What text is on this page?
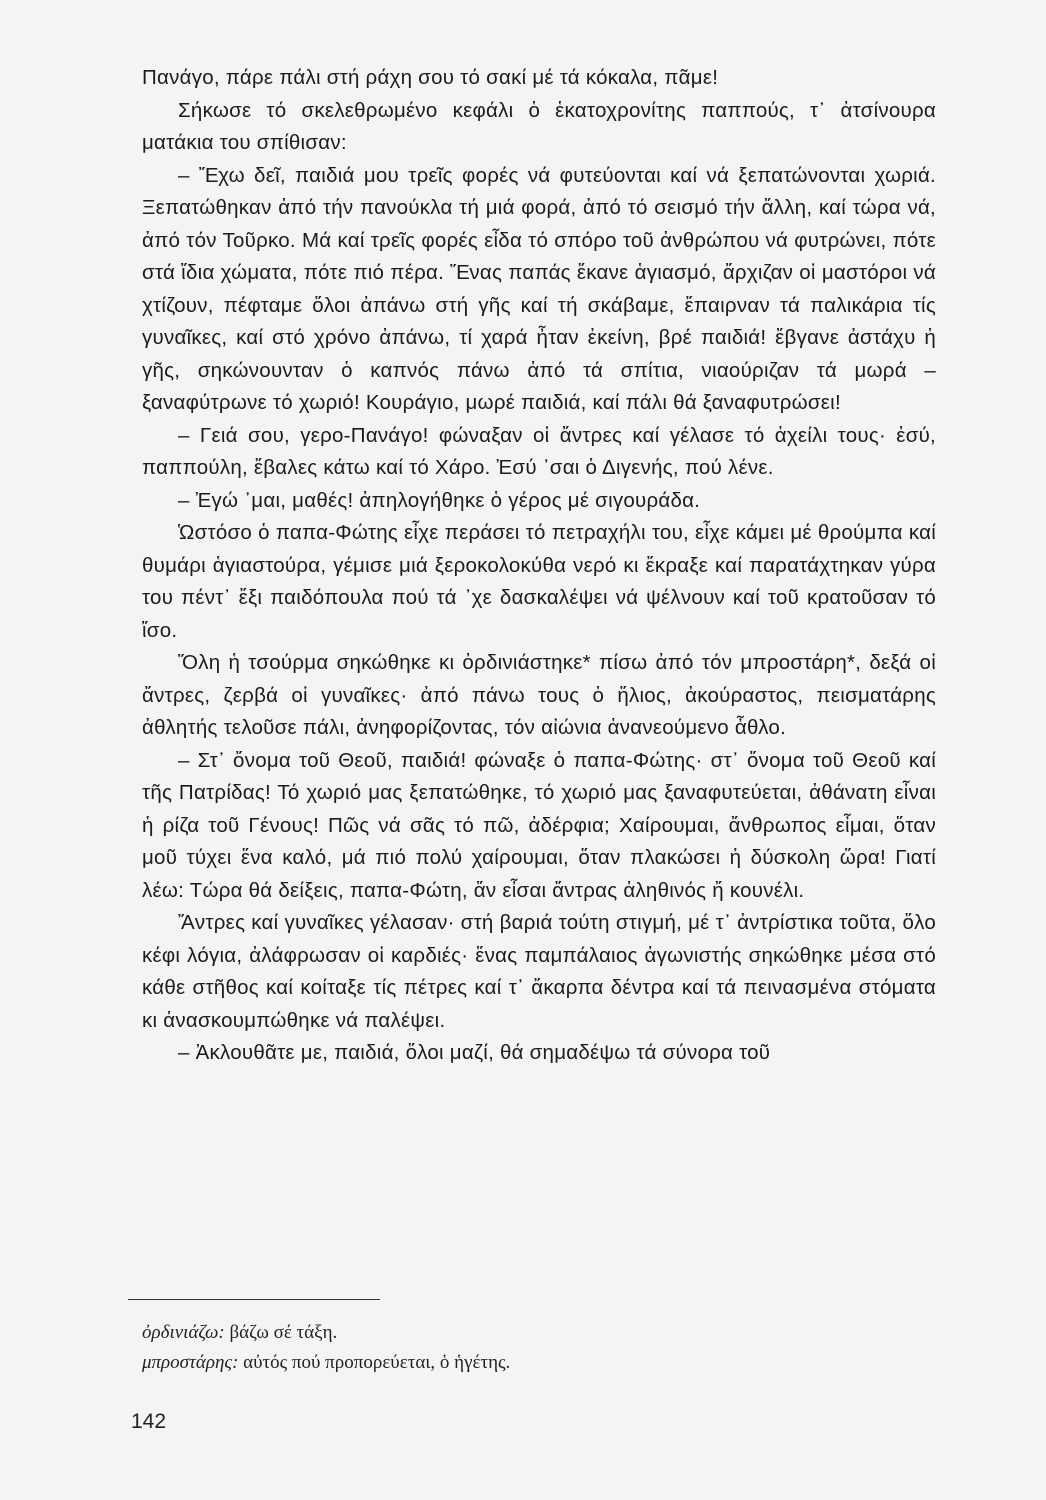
Πανάγο, πάρε πάλι στή ράχη σου τό σακί μέ τά κόκαλα, πᾶμε!

Σήκωσε τό σκελεθρωμένο κεφάλι ὁ ἑκατοχρονίτης παππούς, τ᾽ ἀτσίνουρα ματάκια του σπίθισαν:

– Ἔχω δεῖ, παιδιά μου τρεῖς φορές νά φυτεύονται καί νά ξεπατώνονται χωριά. Ξεπατώθηκαν ἀπό τήν πανούκλα τή μιά φορά, ἀπό τό σεισμό τήν ἄλλη, καί τώρα νά, ἀπό τόν Τοῦρκο. Μά καί τρεῖς φορές εἶδα τό σπόρο τοῦ ἀνθρώπου νά φυτρώνει, πότε στά ἴδια χώματα, πότε πιό πέρα. Ἕνας παπάς ἔκανε ἁγιασμό, ἄρχιζαν οἱ μαστόροι νά χτίζουν, πέφταμε ὅλοι ἀπάνω στή γῆς καί τή σκάβαμε, ἔπαιρναν τά παλικάρια τίς γυναῖκες, καί στό χρόνο ἀπάνω, τί χαρά ἦταν ἐκείνη, βρέ παιδιά! ἔβγανε ἀστάχυ ἡ γῆς, σηκώνουνταν ὁ καπνός πάνω ἀπό τά σπίτια, νιαούριζαν τά μωρά – ξαναφύτρωνε τό χωριό! Κουράγιο, μωρέ παιδιά, καί πάλι θά ξαναφυτρώσει!

– Γειά σου, γερο-Πανάγο! φώναξαν οἱ ἄντρες καί γέλασε τό ἀχείλι τους· ἐσύ, παππούλη, ἔβαλες κάτω καί τό Χάρο. Ἐσύ ᾽σαι ὁ Διγενής, πού λένε.

– Ἐγώ ᾽μαι, μαθές! ἀπηλογήθηκε ὁ γέρος μέ σιγουράδα.

Ὡστόσο ὁ παπα-Φώτης εἶχε περάσει τό πετραχήλι του, εἶχε κάμει μέ θρούμπα καί θυμάρι ἁγιαστούρα, γέμισε μιά ξεροκολοκύθα νερό κι ἔκραξε καί παρατάχτηκαν γύρα του πέντ᾽ ἔξι παιδόπουλα πού τά ᾽χε δασκαλέψει νά ψέλνουν καί τοῦ κρατοῦσαν τό ἴσο.

Ὅλη ἡ τσούρμα σηκώθηκε κι ὀρδινιάστηκε* πίσω ἀπό τόν μπροστάρη*, δεξά οἱ ἄντρες, ζερβά οἱ γυναῖκες· ἀπό πάνω τους ὁ ἥλιος, ἀκούραστος, πεισματάρης ἀθλητής τελοῦσε πάλι, ἀνηφορίζοντας, τόν αἰώνια ἀνανεούμενο ἆθλο.

– Στ᾽ ὄνομα τοῦ Θεοῦ, παιδιά! φώναξε ὁ παπα-Φώτης· στ᾽ ὄνομα τοῦ Θεοῦ καί τῆς Πατρίδας! Τό χωριό μας ξεπατώθηκε, τό χωριό μας ξαναφυτεύεται, ἀθάνατη εἶναι ἡ ρίζα τοῦ Γένους! Πῶς νά σᾶς τό πῶ, ἀδέρφια; Χαίρουμαι, ἄνθρωπος εἶμαι, ὅταν μοῦ τύχει ἕνα καλό, μά πιό πολύ χαίρουμαι, ὅταν πλακώσει ἡ δύσκολη ὥρα! Γιατί λέω: Τώρα θά δείξεις, παπα-Φώτη, ἄν εἶσαι ἄντρας ἀληθινός ἤ κουνέλι.

Ἄντρες καί γυναῖκες γέλασαν· στή βαριά τούτη στιγμή, μέ τ᾽ ἀντρίστικα τοῦτα, ὅλο κέφι λόγια, ἀλάφρωσαν οἱ καρδιές· ἕνας παμπάλαιος ἀγωνιστής σηκώθηκε μέσα στό κάθε στῆθος καί κοίταξε τίς πέτρες καί τ᾽ ἄκαρπα δέντρα καί τά πεινασμένα στόματα κι ἀνασκουμπώθηκε νά παλέψει.

– Ἀκλουθᾶτε με, παιδιά, ὅλοι μαζί, θά σημαδέψω τά σύνορα τοῦ

ὀρδινιάζω: βάζω σέ τάξη.

μπροστάρης: αὐτός πού προπορεύεται, ὁ ἡγέτης.

142
